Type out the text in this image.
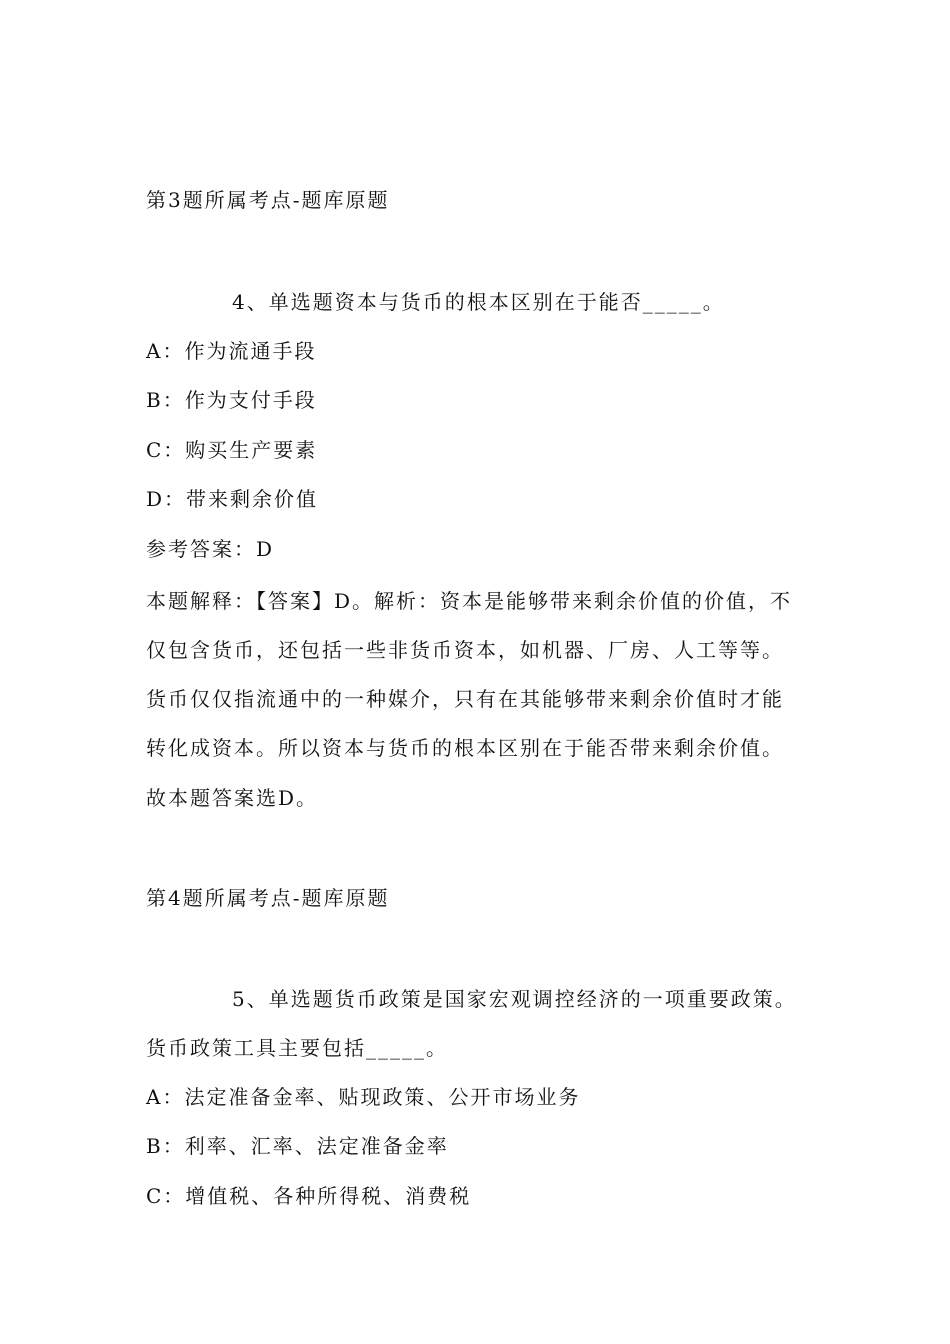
第3题所属考点-题库原题
4、单选题资本与货币的根本区别在于能否_____。
A：作为流通手段
B：作为支付手段
C：购买生产要素
D：带来剩余价值
参考答案：D
本题解释：【答案】D。解析：资本是能够带来剩余价值的价值，不
仅包含货币，还包括一些非货币资本，如机器、厂房、人工等等。
货币仅仅指流通中的一种媒介，只有在其能够带来剩余价值时才能
转化成资本。所以资本与货币的根本区别在于能否带来剩余价值。
故本题答案选D。
第4题所属考点-题库原题
5、单选题货币政策是国家宏观调控经济的一项重要政策。
货币政策工具主要包括_____。
A：法定准备金率、贴现政策、公开市场业务
B：利率、汇率、法定准备金率
C：增值税、各种所得税、消费税
